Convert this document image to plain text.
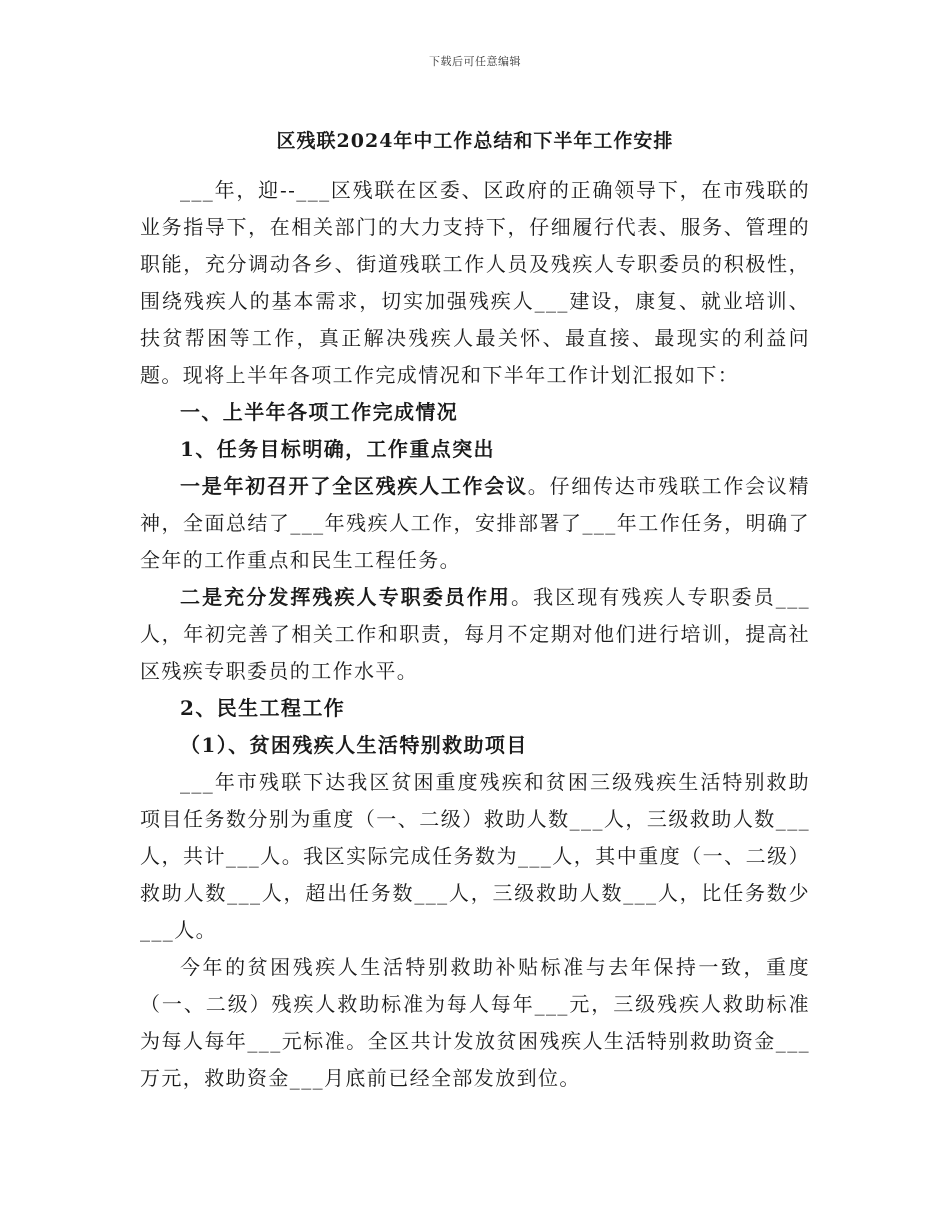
下载后可任意编辑
区残联2024年中工作总结和下半年工作安排

___年，迎--___区残联在区委、区政府的正确领导下，在市残联的业务指导下，在相关部门的大力支持下，仔细履行代表、服务、管理的职能，充分调动各乡、街道残联工作人员及残疾人专职委员的积极性，围绕残疾人的基本需求，切实加强残疾人___建设，康复、就业培训、扶贫帮困等工作，真正解决残疾人最关怀、最直接、最现实的利益问题。现将上半年各项工作完成情况和下半年工作计划汇报如下：

一、上半年各项工作完成情况

1、任务目标明确，工作重点突出

一是年初召开了全区残疾人工作会议。仔细传达市残联工作会议精神，全面总结了___年残疾人工作，安排部署了___年工作任务，明确了全年的工作重点和民生工程任务。

二是充分发挥残疾人专职委员作用。我区现有残疾人专职委员___人，年初完善了相关工作和职责，每月不定期对他们进行培训，提高社区残疾专职委员的工作水平。

2、民生工程工作

（1）、贫困残疾人生活特别救助项目

___年市残联下达我区贫困重度残疾和贫困三级残疾生活特别救助项目任务数分别为重度（一、二级）救助人数___人，三级救助人数___人，共计___人。我区实际完成任务数为___人，其中重度（一、二级）救助人数___人，超出任务数___人，三级救助人数___人，比任务数少___人。

今年的贫困残疾人生活特别救助补贴标准与去年保持一致，重度（一、二级）残疾人救助标准为每人每年___元，三级残疾人救助标准为每人每年___元标准。全区共计发放贫困残疾人生活特别救助资金___万元，救助资金___月底前已经全部发放到位。
